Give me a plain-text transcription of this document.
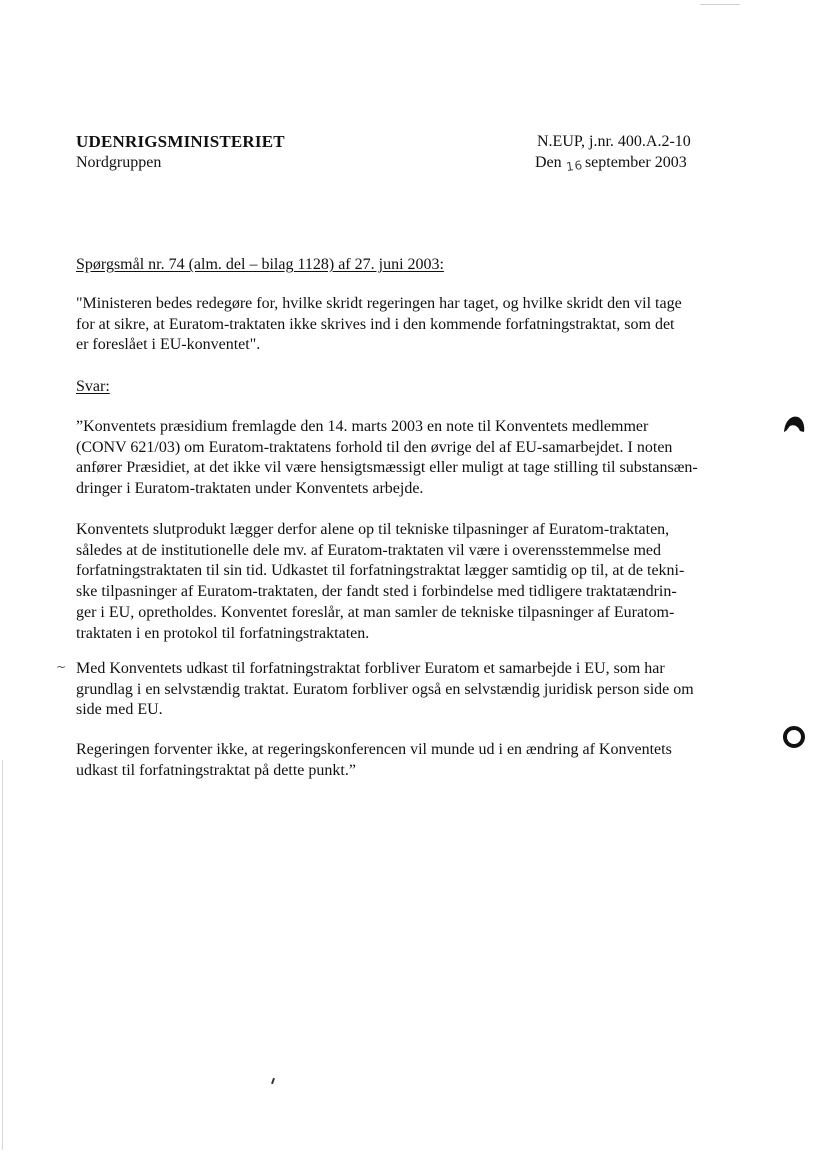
UDENRIGSMINISTERIET
Nordgruppen
N.EUP, j.nr. 400.A.2-10
Den 16september 2003
Spørgsmål nr. 74 (alm. del – bilag 1128) af 27. juni 2003:

"Ministeren bedes redegøre for, hvilke skridt regeringen har taget, og hvilke skridt den vil tage
for at sikre, at Euratom-traktaten ikke skrives ind i den kommende forfatningstraktat, som det
er foreslået i EU-konventet".

Svar:

”Konventets præsidium fremlagde den 14. marts 2003 en note til Konventets medlemmer
(CONV 621/03) om Euratom-traktatens forhold til den øvrige del af EU-samarbejdet. I noten
anfører Præsidiet, at det ikke vil være hensigtsmæssigt eller muligt at tage stilling til substansæn-
dringer i Euratom-traktaten under Konventets arbejde.

Konventets slutprodukt lægger derfor alene op til tekniske tilpasninger af Euratom-traktaten,
således at de institutionelle dele mv. af Euratom-traktaten vil være i overensstemmelse med
forfatningstraktaten til sin tid. Udkastet til forfatningstraktat lægger samtidig op til, at de tekni-
ske tilpasninger af Euratom-traktaten, der fandt sted i forbindelse med tidligere traktatændrin-
ger i EU, opretholdes. Konventet foreslår, at man samler de tekniske tilpasninger af Euratom-
traktaten i en protokol til forfatningstraktaten.

~ Med Konventets udkast til forfatningstraktat forbliver Euratom et samarbejde i EU, som har
grundlag i en selvstændig traktat. Euratom forbliver også en selvstændig juridisk person side om
side med EU.

Regeringen forventer ikke, at regeringskonferencen vil munde ud i en ændring af Konventets
udkast til forfatningstraktat på dette punkt.”
